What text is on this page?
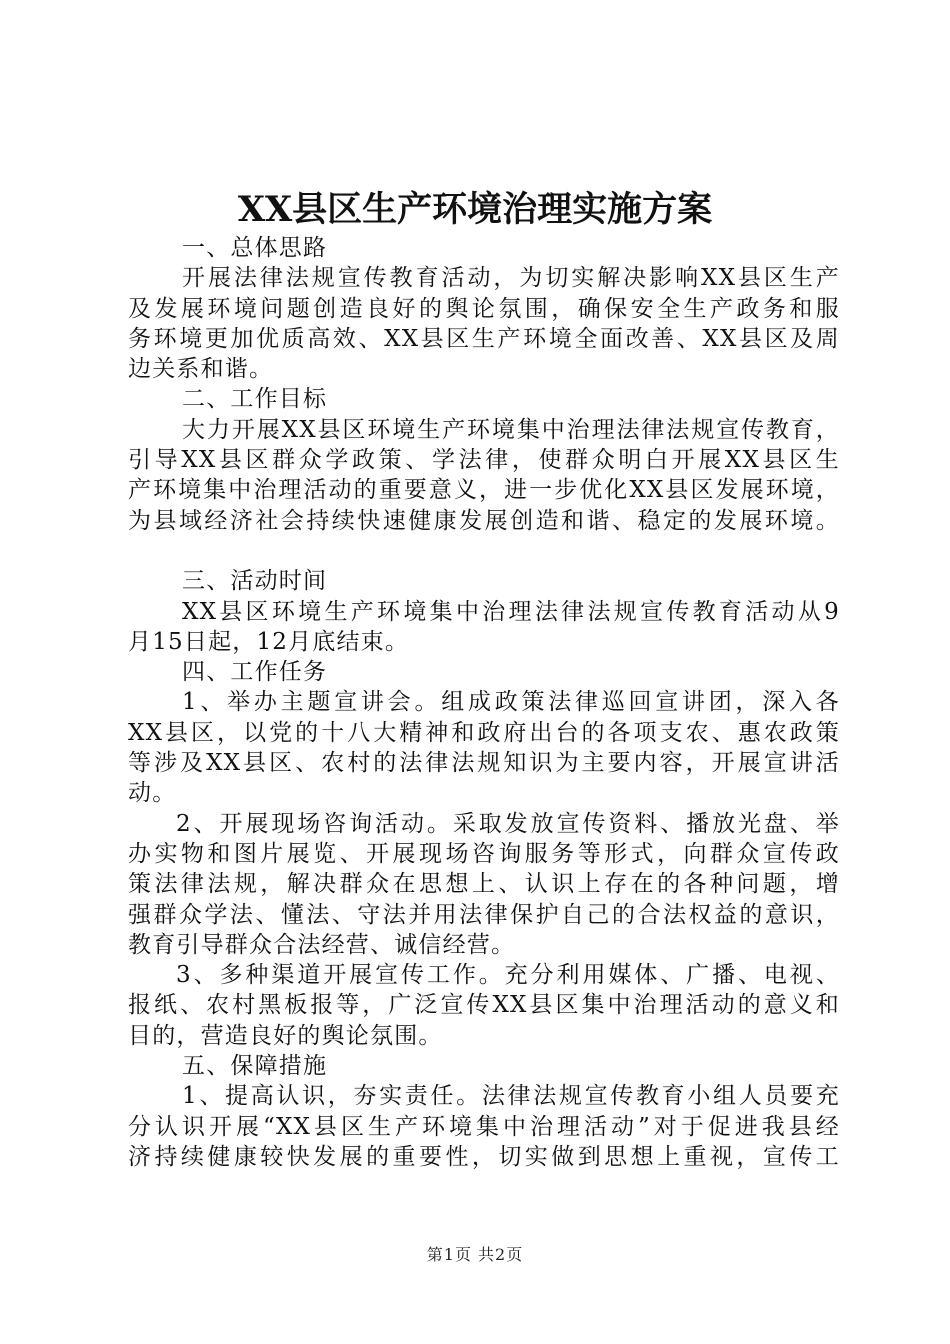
XX县区生产环境治理实施方案
一、总体思路
开展法律法规宣传教育活动，为切实解决影响XX县区生产
及发展环境问题创造良好的舆论氛围，确保安全生产政务和服
务环境更加优质高效、XX县区生产环境全面改善、XX县区及周
边关系和谐。
二、工作目标
大力开展XX县区环境生产环境集中治理法律法规宣传教育，
引导XX县区群众学政策、学法律，使群众明白开展XX县区生
产环境集中治理活动的重要意义，进一步优化XX县区发展环境，
为县域经济社会持续快速健康发展创造和谐、稳定的发展环境。
三、活动时间
XX县区环境生产环境集中治理法律法规宣传教育活动从9
月15日起，12月底结束。
四、工作任务
1、举办主题宣讲会。组成政策法律巡回宣讲团，深入各
XX县区，以党的十八大精神和政府出台的各项支农、惠农政策
等涉及XX县区、农村的法律法规知识为主要内容，开展宣讲活
动。
2、开展现场咨询活动。采取发放宣传资料、播放光盘、举
办实物和图片展览、开展现场咨询服务等形式，向群众宣传政
策法律法规，解决群众在思想上、认识上存在的各种问题，增
强群众学法、懂法、守法并用法律保护自己的合法权益的意识，
教育引导群众合法经营、诚信经营。
3、多种渠道开展宣传工作。充分利用媒体、广播、电视、
报纸、农村黑板报等，广泛宣传XX县区集中治理活动的意义和
目的，营造良好的舆论氛围。
五、保障措施
1、提高认识，夯实责任。法律法规宣传教育小组人员要充
分认识开展“XX县区生产环境集中治理活动”对于促进我县经
济持续健康较快发展的重要性，切实做到思想上重视，宣传工
第1页 共2页
